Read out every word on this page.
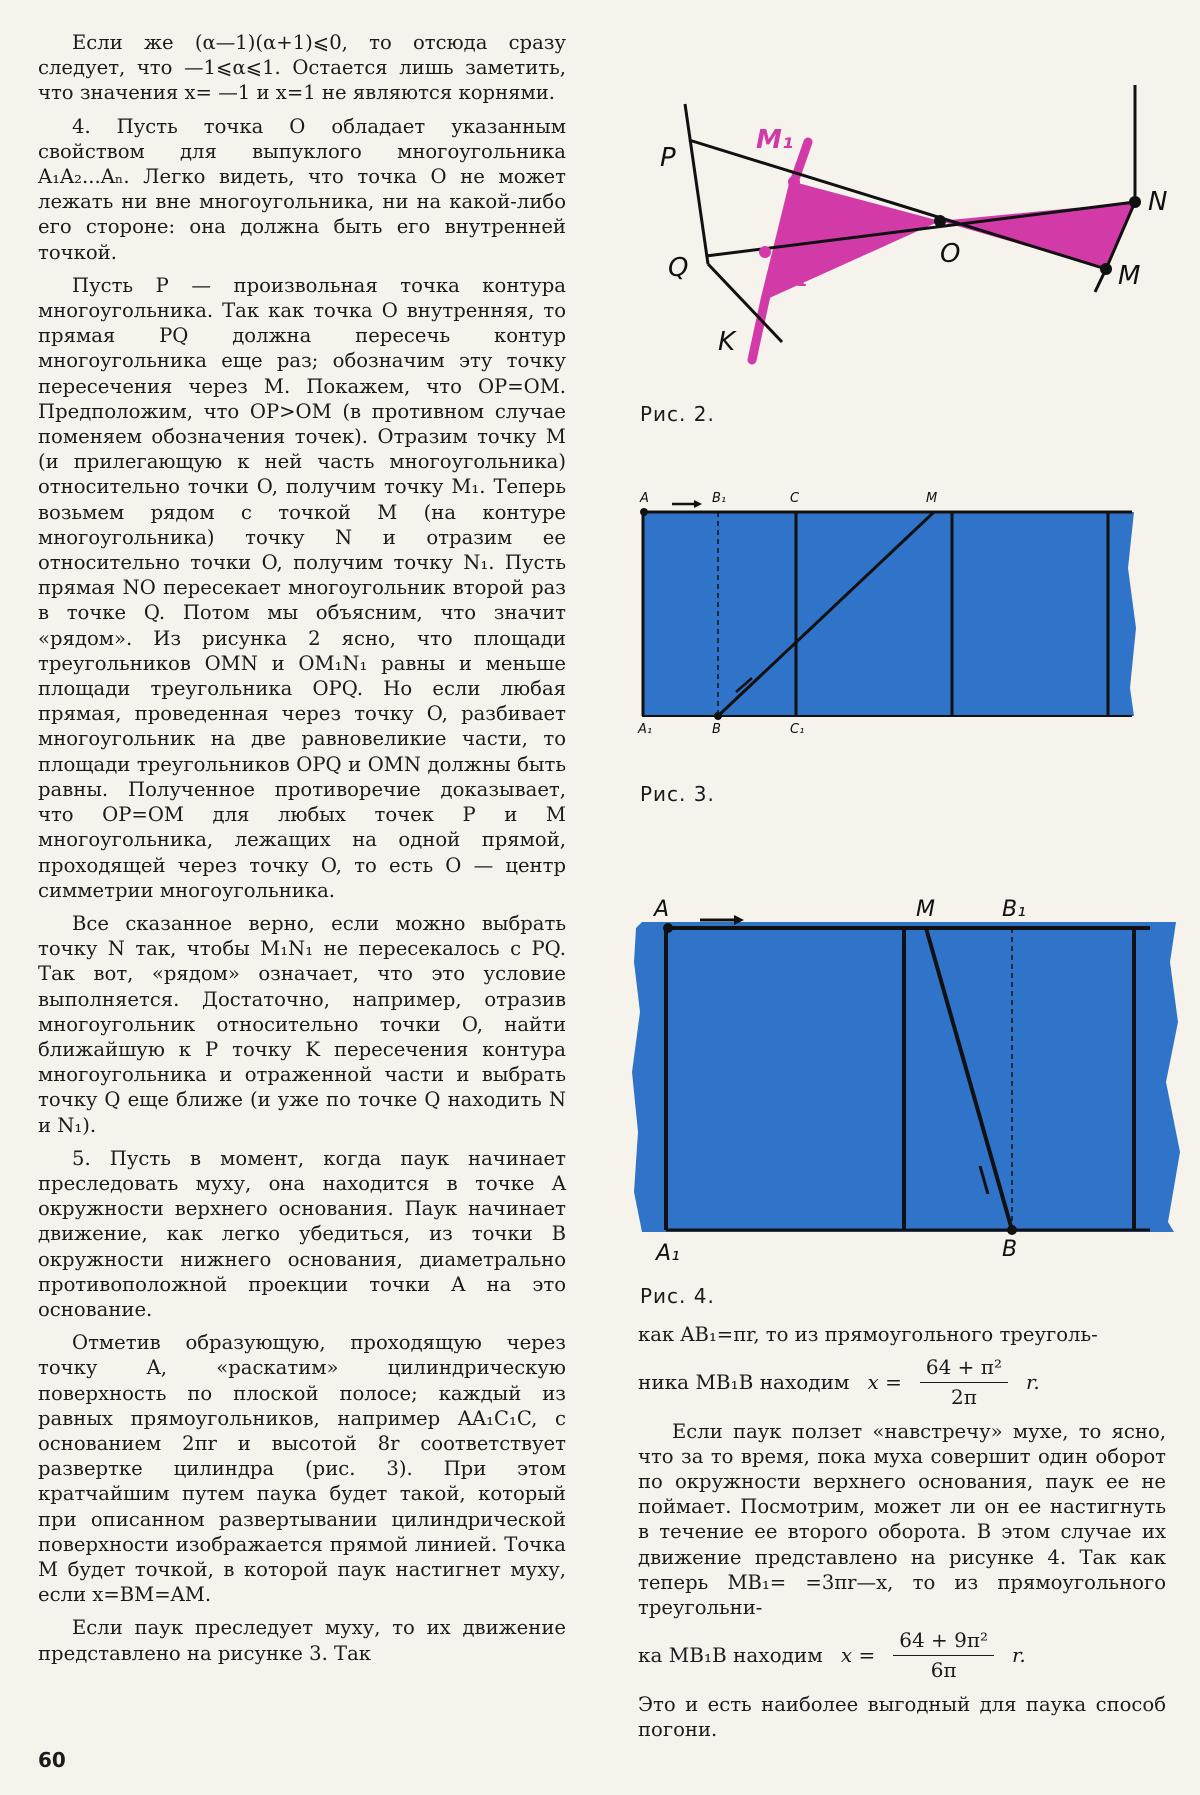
Если же (α—1)(α+1)⩽0, то отсюда сразу следует, что —1⩽α⩽1. Остается лишь заметить, что значения x= —1 и x=1 не являются корнями.

4. Пусть точка O обладает указанным свойством для выпуклого многоугольника A₁A₂...Aₙ. Легко видеть, что точка O не может лежать ни вне многоугольника, ни на какой-либо его стороне: она должна быть его внутренней точкой.

Пусть P — произвольная точка контура многоугольника. Так как точка O внутренняя, то прямая PQ должна пересечь контур многоугольника еще раз; обозначим эту точку пересечения через M. Покажем, что OP=OM. Предположим, что OP>OM (в противном случае поменяем обозначения точек). Отразим точку M (и прилегающую к ней часть многоугольника) относительно точки O, получим точку M₁. Теперь возьмем рядом с точкой M (на контуре многоугольника) точку N и отразим ее относительно точки O, получим точку N₁. Пусть прямая NO пересекает многоугольник второй раз в точке Q. Потом мы объясним, что значит «рядом». Из рисунка 2 ясно, что площади треугольников OMN и OM₁N₁ равны и меньше площади треугольника OPQ. Но если любая прямая, проведенная через точку O, разбивает многоугольник на две равновеликие части, то площади треугольников OPQ и OMN должны быть равны. Полученное противоречие доказывает, что OP=OM для любых точек P и M многоугольника, лежащих на одной прямой, проходящей через точку O, то есть O — центр симметрии многоугольника.

Все сказанное верно, если можно выбрать точку N так, чтобы M₁N₁ не пересекалось с PQ. Так вот, «рядом» означает, что это условие выполняется. Достаточно, например, отразив многоугольник относительно точки O, найти ближайшую к P точку K пересечения контура многоугольника и отраженной части и выбрать точку Q еще ближе (и уже по точке Q находить N и N₁).

5. Пусть в момент, когда паук начинает преследовать муху, она находится в точке A окружности верхнего основания. Паук начинает движение, как легко убедиться, из точки B окружности нижнего основания, диаметрально противоположной проекции точки A на это основание.

Отметив образующую, проходящую через точку A, «раскатим» цилиндрическую поверхность по плоской полосе; каждый из равных прямоугольников, например AA₁C₁C, с основанием 2πr и высотой 8r соответствует развертке цилиндра (рис. 3). При этом кратчайшим путем паука будет такой, который при описанном развертывании цилиндрической поверхности изображается прямой линией. Точка M будет точкой, в которой паук настигнет муху, если x=BM=AM.

Если паук преследует муху, то их движение представлено на рисунке 3. Так

P
Q	O
N
M
M₁
N₁
K
Рис. 2.
A	B₁	C	M
A₁	B	C₁
Рис. 3.
A	M	B₁
A₁	B
Рис. 4.

как AB₁=πr, то из прямоугольного треуголь-

ника MB₁B находим $x = \frac{\text{64 + π²}}{2\pi} r$.

Если паук ползет «навстречу» мухе, то ясно, что за то время, пока муха совершит один оборот по окружности верхнего основания, паук ее не поймает. Посмотрим, может ли он ее настигнуть в течение ее второго оборота. В этом случае их движение представлено на рисунке 4. Так как теперь MB₁= =3πr—x, то из прямоугольного треугольни-

ка MB₁B находим $x = \frac{\text{64 + 9π²}}{6\pi} r$.

Это и есть наиболее выгодный для паука способ погони.

60
